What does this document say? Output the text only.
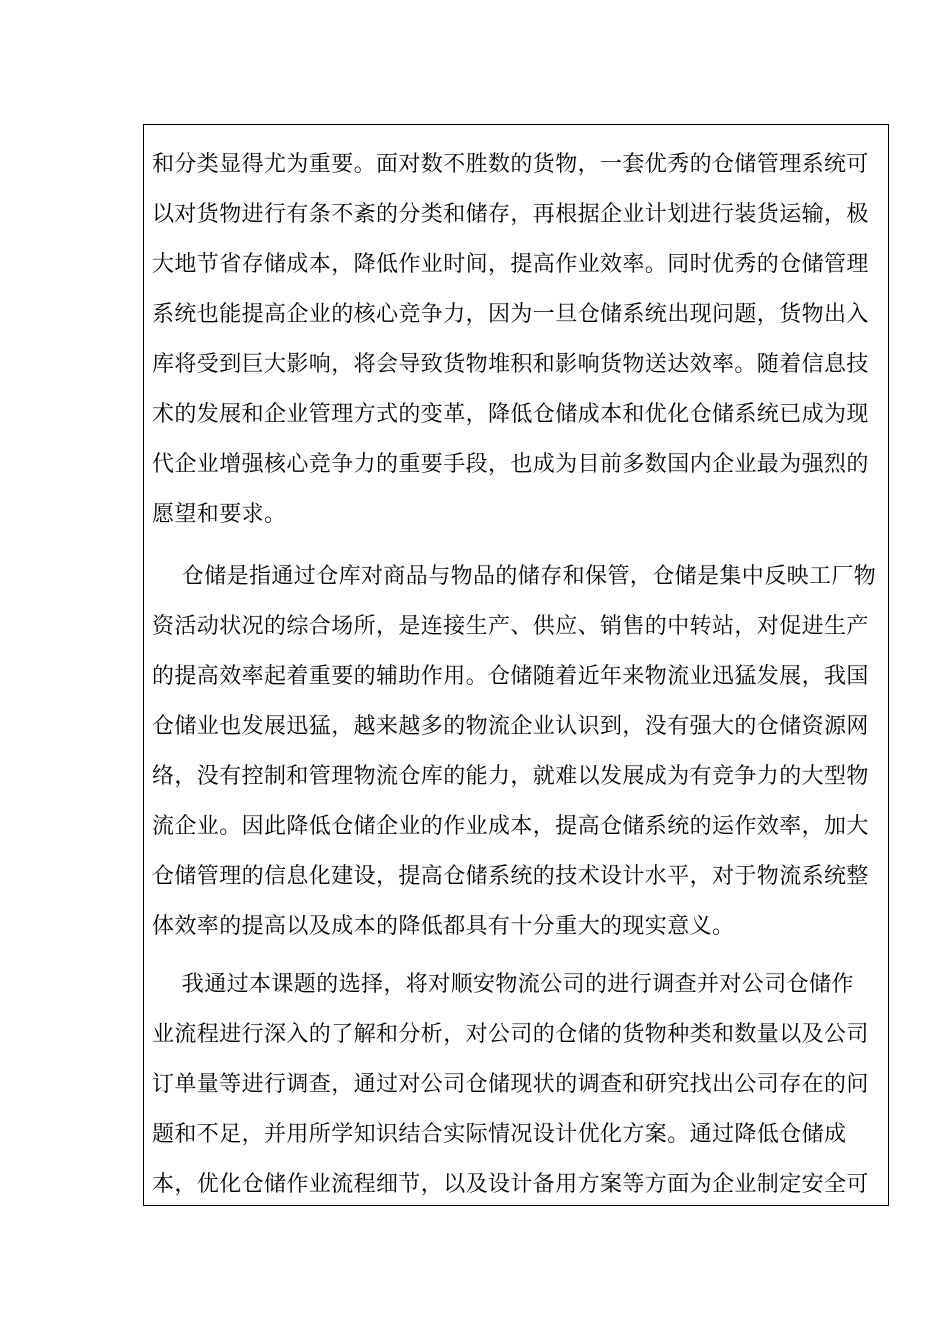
和分类显得尤为重要。面对数不胜数的货物，一套优秀的仓储管理系统可
以对货物进行有条不紊的分类和储存，再根据企业计划进行装货运输，极
大地节省存储成本，降低作业时间，提高作业效率。同时优秀的仓储管理
系统也能提高企业的核心竞争力，因为一旦仓储系统出现问题，货物出入
库将受到巨大影响，将会导致货物堆积和影响货物送达效率。随着信息技
术的发展和企业管理方式的变革，降低仓储成本和优化仓储系统已成为现
代企业增强核心竞争力的重要手段，也成为目前多数国内企业最为强烈的
愿望和要求。
　 仓储是指通过仓库对商品与物品的储存和保管，仓储是集中反映工厂物
资活动状况的综合场所，是连接生产、供应、销售的中转站，对促进生产
的提高效率起着重要的辅助作用。仓储随着近年来物流业迅猛发展，我国
仓储业也发展迅猛，越来越多的物流企业认识到，没有强大的仓储资源网
络，没有控制和管理物流仓库的能力，就难以发展成为有竞争力的大型物
流企业。因此降低仓储企业的作业成本，提高仓储系统的运作效率，加大
仓储管理的信息化建设，提高仓储系统的技术设计水平，对于物流系统整
体效率的提高以及成本的降低都具有十分重大的现实意义。
　 我通过本课题的选择，将对顺安物流公司的进行调查并对公司仓储作
业流程进行深入的了解和分析，对公司的仓储的货物种类和数量以及公司
订单量等进行调查，通过对公司仓储现状的调查和研究找出公司存在的问
题和不足，并用所学知识结合实际情况设计优化方案。通过降低仓储成
本，优化仓储作业流程细节，以及设计备用方案等方面为企业制定安全可
